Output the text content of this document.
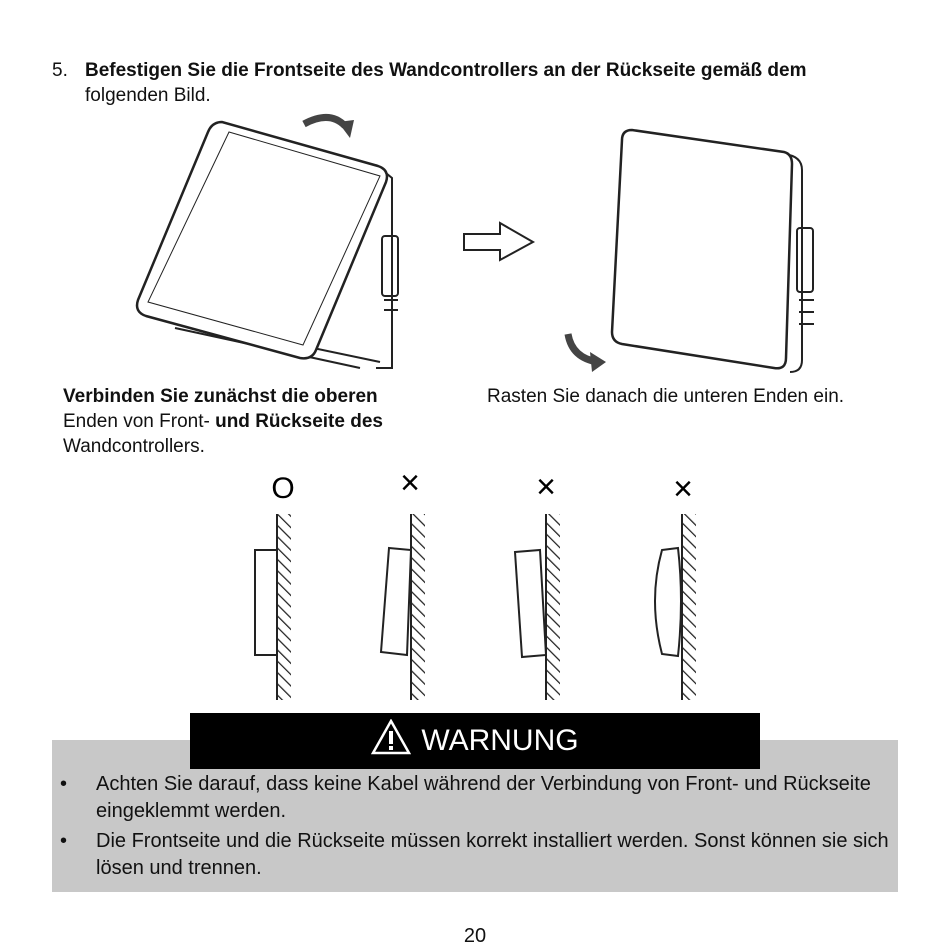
5. Befestigen Sie die Frontseite des Wandcontrollers an der Rückseite gemäß dem
folgenden Bild.
O	×	×	×
Verbinden Sie zunächst die oberen
Enden von Front- und Rückseite des
Wandcontrollers.
Rasten Sie danach die unteren Enden ein.
WARNUNG
• Achten Sie darauf, dass keine Kabel während der Verbindung von Front- und Rückseite eingeklemmt werden.
• Die Frontseite und die Rückseite müssen korrekt installiert werden. Sonst können sie sich lösen und trennen.
20
